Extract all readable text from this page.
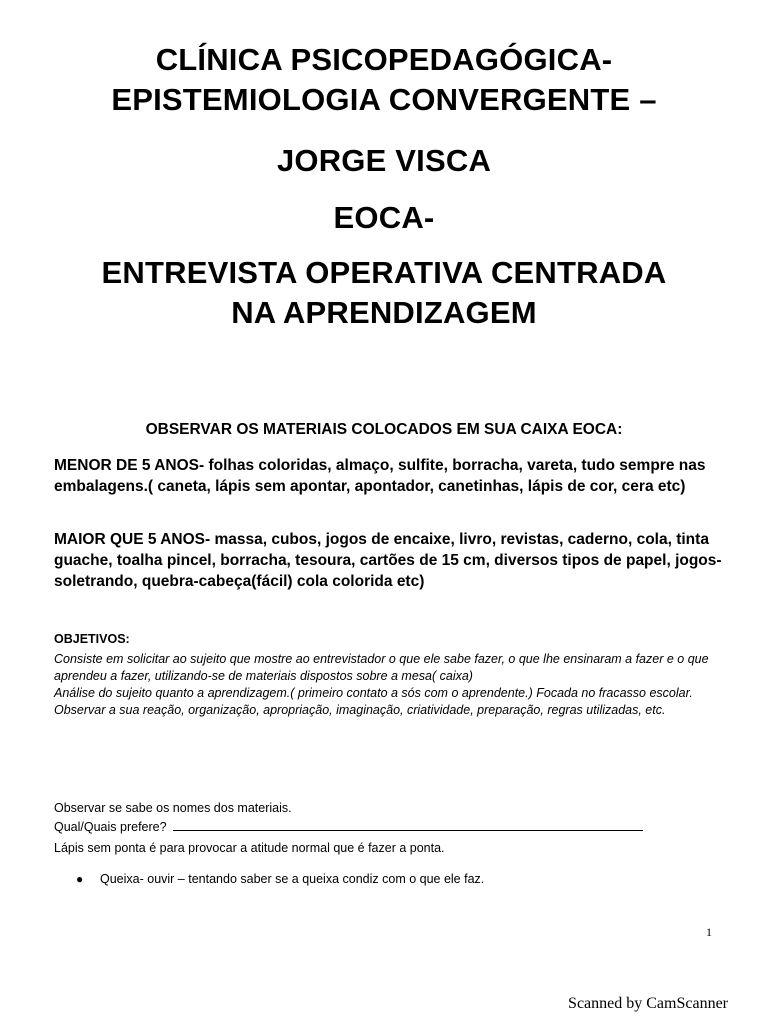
CLÍNICA PSICOPEDAGÓGICA-
EPISTEMIOLOGIA CONVERGENTE –
JORGE VISCA
EOCA-
ENTREVISTA OPERATIVA CENTRADA
NA APRENDIZAGEM

OBSERVAR OS MATERIAIS COLOCADOS EM SUA CAIXA EOCA:

MENOR DE 5 ANOS- folhas coloridas, almaço, sulfite, borracha, vareta, tudo sempre nas embalagens.( caneta, lápis sem apontar, apontador, canetinhas, lápis de cor, cera etc)

MAIOR QUE 5 ANOS- massa, cubos, jogos de encaixe, livro, revistas, caderno, cola, tinta guache, toalha pincel, borracha, tesoura, cartões de 15 cm, diversos tipos de papel, jogos- soletrando, quebra-cabeça(fácil) cola colorida etc)

OBJETIVOS:

Consiste em solicitar ao sujeito que mostre ao entrevistador o que ele sabe fazer, o que lhe ensinaram a fazer e o que aprendeu a fazer, utilizando-se de materiais dispostos sobre a mesa( caixa)

Análise do sujeito quanto a aprendizagem.( primeiro contato a sós com o aprendente.) Focada no fracasso escolar.

Observar a sua reação, organização, apropriação, imaginação, criatividade, preparação, regras utilizadas, etc.

Observar se sabe os nomes dos materiais.

Qual/Quais prefere?

Lápis sem ponta é para provocar a atitude normal que é fazer a ponta.

●	Queixa- ouvir – tentando saber se a queixa condiz com o que ele faz.
1
Scanned by CamScanner
